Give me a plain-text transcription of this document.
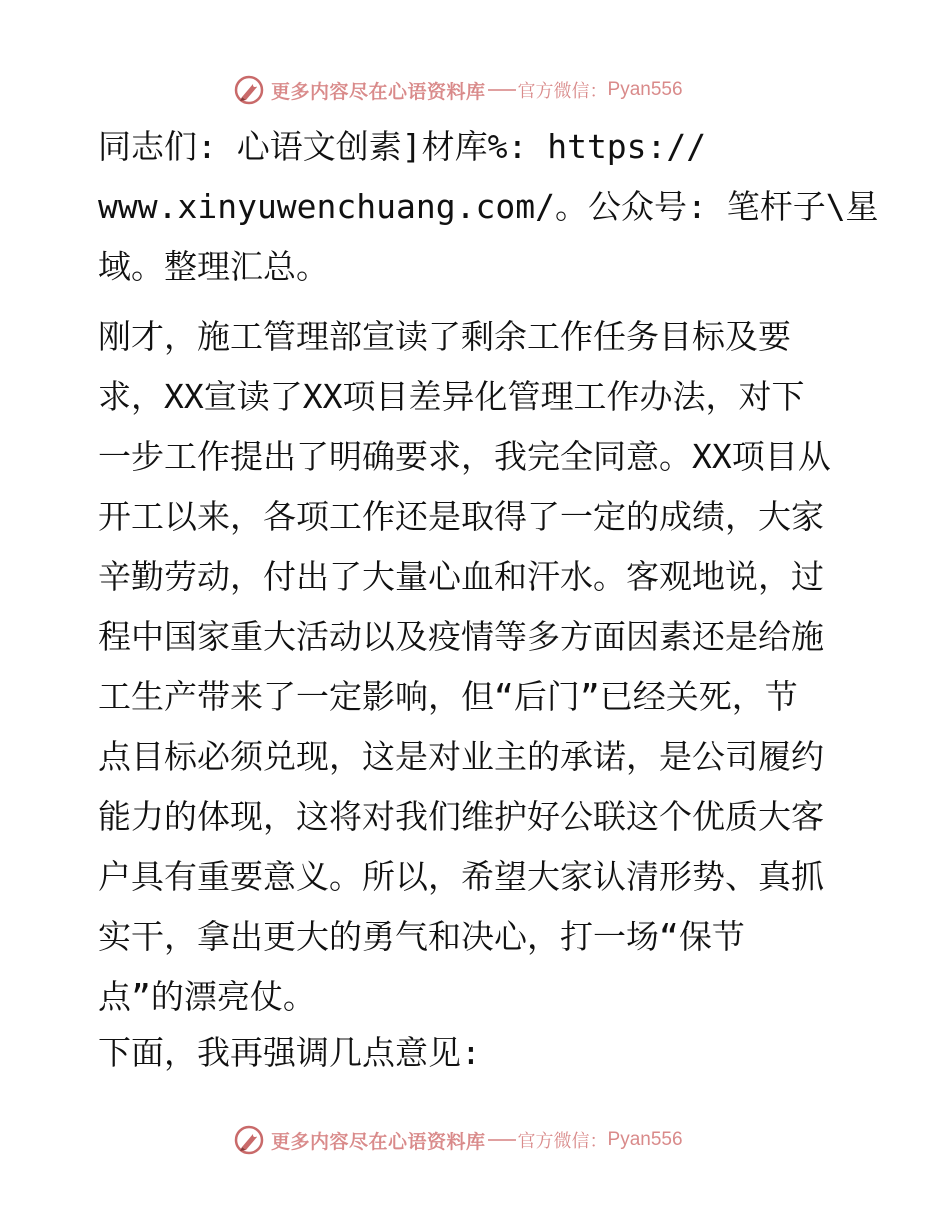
更多内容尽在心语资料库 官方微信： Pyan556
同志们: 心语文创素]材库%: https://
www.xinyuwenchuang.com/。公众号: 笔杆子\星
域。整理汇总。
刚才，施工管理部宣读了剩余工作任务目标及要
求，XX宣读了XX项目差异化管理工作办法，对下
一步工作提出了明确要求，我完全同意。XX项目从
开工以来，各项工作还是取得了一定的成绩，大家
辛勤劳动，付出了大量心血和汗水。客观地说，过
程中国家重大活动以及疫情等多方面因素还是给施
工生产带来了一定影响，但“后门”已经关死，节
点目标必须兑现，这是对业主的承诺，是公司履约
能力的体现，这将对我们维护好公联这个优质大客
户具有重要意义。所以，希望大家认清形势、真抓
实干，拿出更大的勇气和决心，打一场“保节
点”的漂亮仗。
下面，我再强调几点意见:
更多内容尽在心语资料库 官方微信： Pyan556
